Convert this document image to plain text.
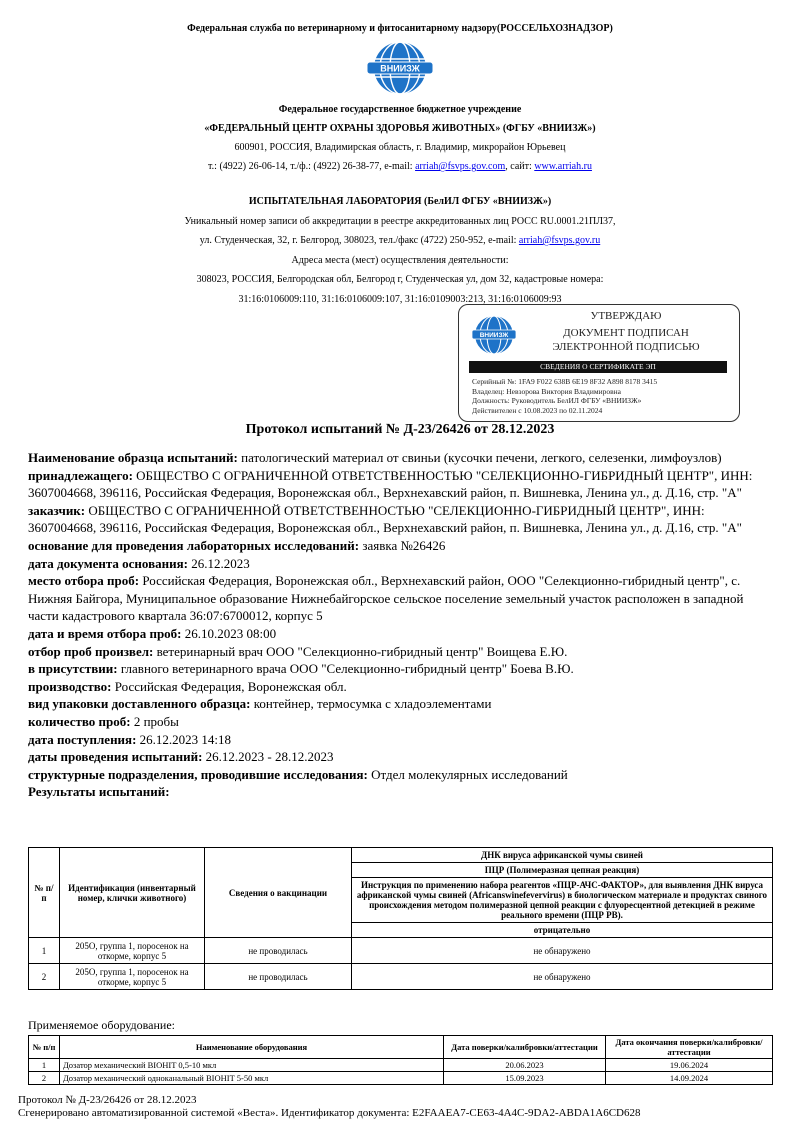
Федеральная служба по ветеринарному и фитосанитарному надзору(РОССЕЛЬХОЗНАДЗОР)
ВНИИЗЖ
Федеральное государственное бюджетное учреждение
«ФЕДЕРАЛЬНЫЙ ЦЕНТР ОХРАНЫ ЗДОРОВЬЯ ЖИВОТНЫХ» (ФГБУ «ВНИИЗЖ»)
600901, РОССИЯ, Владимирская область, г. Владимир, микрорайон Юрьевец
т.: (4922) 26-06-14, т./ф.: (4922) 26-38-77, e-mail: arriah@fsvps.gov.com, сайт: www.arriah.ru
ИСПЫТАТЕЛЬНАЯ ЛАБОРАТОРИЯ (БелИЛ ФГБУ «ВНИИЗЖ»)
Уникальный номер записи об аккредитации в реестре аккредитованных лиц РОСС RU.0001.21ПЛ37,
ул. Студенческая, 32, г. Белгород, 308023, тел./факс (4722) 250-952, e-mail: arriah@fsvps.gov.ru
Адреса места (мест) осуществления деятельности:
308023, РОССИЯ, Белгородская обл, Белгород г, Студенческая ул, дом 32, кадастровые номера:
31:16:0106009:110, 31:16:0106009:107, 31:16:0109003:213, 31:16:0106009:93
ВНИИЗЖ
УТВЕРЖДАЮ
ДОКУМЕНТ ПОДПИСАН
ЭЛЕКТРОННОЙ ПОДПИСЬЮ
СВЕДЕНИЯ О СЕРТИФИКАТЕ ЭП
Серийный №: 1FA9 F022 638B 6E19 8F32 A898 8178 3415
Владелец: Невзорова Виктория Владимировна
Должность: Руководитель БелИЛ ФГБУ «ВНИИЗЖ»
Действителен с 10.08.2023 по 02.11.2024
Протокол испытаний № Д-23/26426 от 28.12.2023

Наименование образца испытаний: патологический материал от свиньи (кусочки печени, легкого, селезенки, лимфоузлов)

принадлежащего: ОБЩЕСТВО С ОГРАНИЧЕННОЙ ОТВЕТСТВЕННОСТЬЮ "СЕЛЕКЦИОННО-ГИБРИДНЫЙ ЦЕНТР", ИНН: 3607004668, 396116, Российская Федерация, Воронежская обл., Верхнехавский район, п. Вишневка, Ленина ул., д. Д.16, стр. "А"

заказчик: ОБЩЕСТВО С ОГРАНИЧЕННОЙ ОТВЕТСТВЕННОСТЬЮ "СЕЛЕКЦИОННО-ГИБРИДНЫЙ ЦЕНТР", ИНН: 3607004668, 396116, Российская Федерация, Воронежская обл., Верхнехавский район, п. Вишневка, Ленина ул., д. Д.16, стр. "А"

основание для проведения лабораторных исследований: заявка №26426

дата документа основания: 26.12.2023

место отбора проб: Российская Федерация, Воронежская обл., Верхнехавский район, ООО "Селекционно-гибридный центр", с. Нижняя Байгора, Муниципальное образование Нижнебайгорское сельское поселение земельный участок расположен в западной части кадастрового квартала 36:07:6700012, корпус 5

дата и время отбора проб: 26.10.2023 08:00

отбор проб произвел: ветеринарный врач ООО "Селекционно-гибридный центр" Воищева Е.Ю.

в присутствии: главного ветеринарного врача ООО "Селекционно-гибридный центр" Боева В.Ю.

производство: Российская Федерация, Воронежская обл.

вид упаковки доставленного образца: контейнер, термосумка с хладоэлементами

количество проб: 2 пробы

дата поступления: 26.12.2023 14:18

даты проведения испытаний: 26.12.2023 - 28.12.2023

структурные подразделения, проводившие исследования: Отдел молекулярных исследований

Результаты испытаний:

№ п/п	Идентификация (инвентарный номер, клички животного)	Сведения о вакцинации	ДНК вируса африканской чумы свиней
			ПЦР (Полимеразная цепная реакция)
			Инструкция по применению набора реагентов «ПЦР-АЧС-ФАКТОР», для выявления ДНК вируса африканской чумы свиней (Africanswinefevervirus) в биологическом материале и продуктах свиного происхождения методом полимеразной цепной реакции с флуоресцентной детекцией в режиме реального времени (ПЦР РВ).
			отрицательно
1	205О, группа 1, поросенок на откорме, корпус 5	не проводилась	не обнаружено
2	205О, группа 1, поросенок на откорме, корпус 5	не проводилась	не обнаружено
Применяемое оборудование:
№ п/п	Наименование оборудования	Дата поверки/калибровки/аттестации	Дата окончания поверки/калибровки/аттестации
1	Дозатор механический BIOHIT 0,5-10 мкл	20.06.2023	19.06.2024
2	Дозатор механический одноканальный BIOHIT 5-50 мкл	15.09.2023	14.09.2024
Протокол № Д-23/26426 от 28.12.2023
Сгенерировано автоматизированной системой «Веста». Идентификатор документа: E2FAAEA7-CE63-4A4C-9DA2-ABDA1A6CD628
